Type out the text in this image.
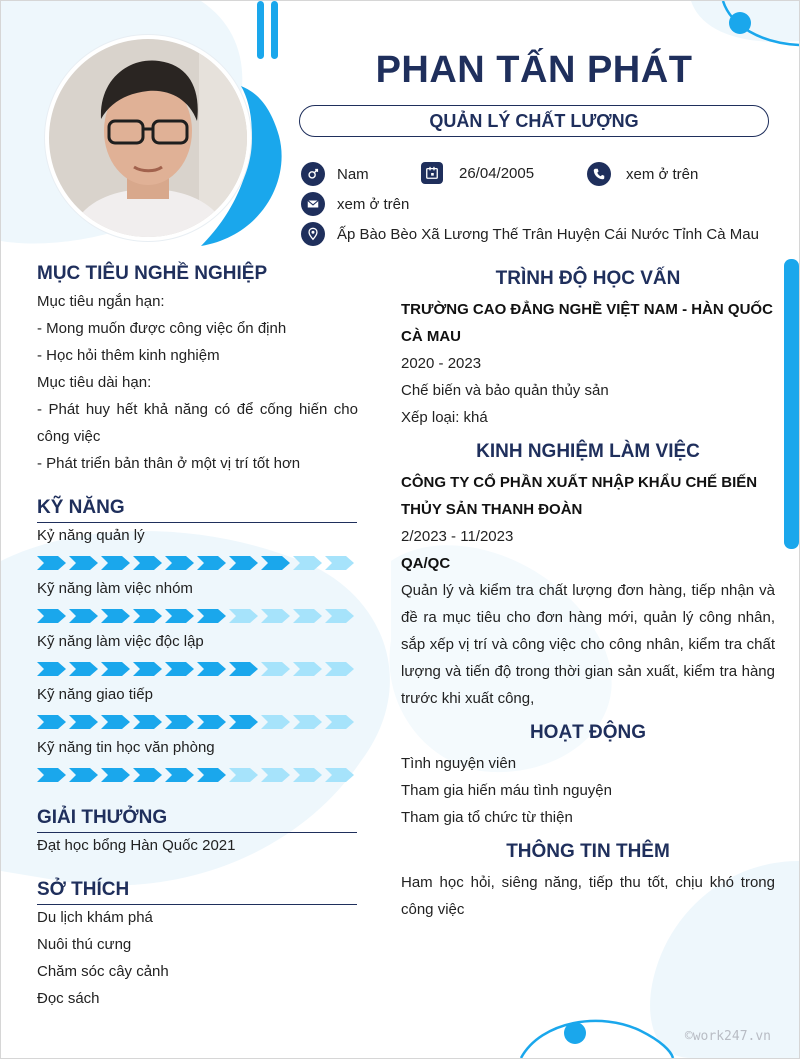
PHAN TẤN PHÁT
QUẢN LÝ CHẤT LƯỢNG
Nam	26/04/2005	xem ở trên
xem ở trên
Ấp Bào Bèo Xã Lương Thế Trân Huyện Cái Nước Tỉnh Cà Mau
MỤC TIÊU NGHỀ NGHIỆP
Mục tiêu ngắn hạn:
- Mong muốn được công việc ổn định
- Học hỏi thêm kinh nghiệm
Mục tiêu dài hạn:
- Phát huy hết khả năng có để cống hiến cho công việc
- Phát triển bản thân ở một vị trí tốt hơn
KỸ NĂNG
Kỷ năng quản lý
Kỹ năng làm việc nhóm
Kỹ năng làm việc độc lập
Kỹ năng giao tiếp
Kỹ năng tin học văn phòng
GIẢI THƯỞNG
Đạt học bổng Hàn Quốc 2021
SỞ THÍCH
Du lịch khám phá
Nuôi thú cưng
Chăm sóc cây cảnh
Đọc sách
TRÌNH ĐỘ HỌC VẤN
TRƯỜNG CAO ĐẲNG NGHỀ VIỆT NAM - HÀN QUỐC CÀ MAU
2020 - 2023
Chế biến và bảo quản thủy sản
Xếp loại: khá
KINH NGHIỆM LÀM VIỆC
CÔNG TY CỔ PHẦN XUẤT NHẬP KHẨU CHẾ BIẾN THỦY SẢN THANH ĐOÀN
2/2023 - 11/2023
QA/QC
Quản lý và kiểm tra chất lượng đơn hàng, tiếp nhận và đề ra mục tiêu cho đơn hàng mới, quản lý công nhân, sắp xếp vị trí và công việc cho công nhân, kiểm tra chất lượng và tiến độ trong thời gian sản xuất, kiểm tra hàng trước khi xuất công,
HOẠT ĐỘNG
Tình nguyện viên
Tham gia hiến máu tình nguyện
Tham gia tổ chức từ thiện
THÔNG TIN THÊM
Ham học hỏi, siêng năng, tiếp thu tốt, chịu khó trong công việc
©work247.vn
